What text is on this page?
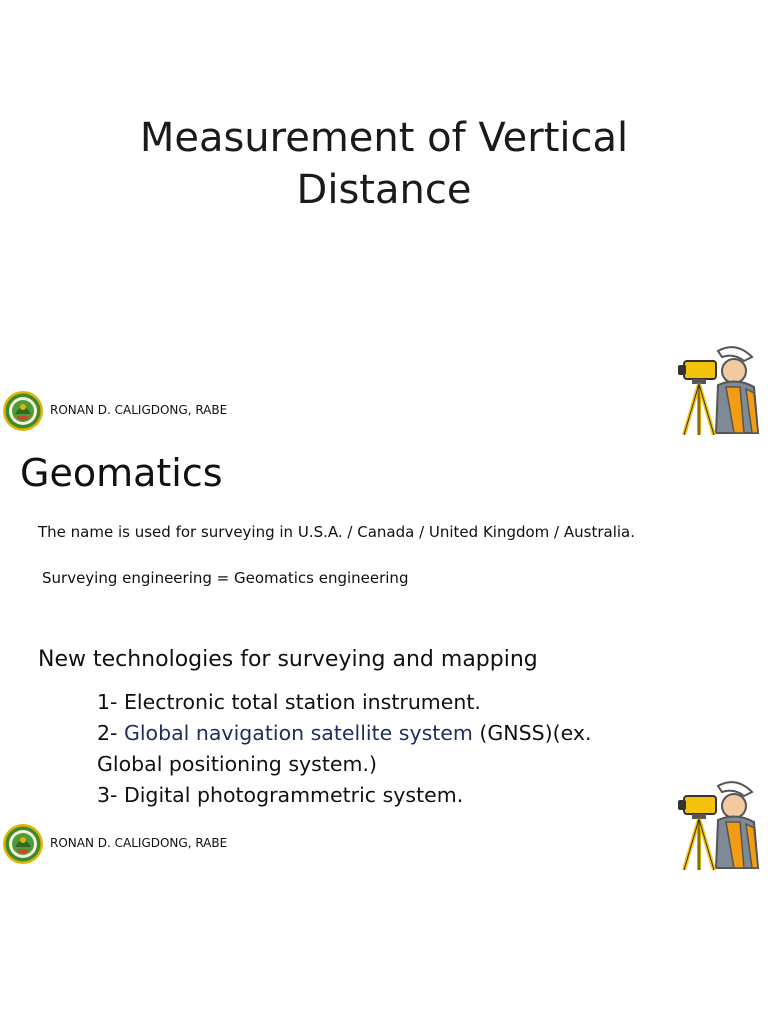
Measurement of Vertical
Distance
RONAN D. CALIGDONG, RABE
Geomatics
The name is used for surveying in U.S.A. / Canada / United Kingdom / Australia.
Surveying engineering = Geomatics engineering
New technologies for surveying and mapping
1- Electronic total station instrument.
2- Global navigation satellite system (GNSS)(ex.
Global positioning system.)
3- Digital photogrammetric system.
RONAN D. CALIGDONG, RABE
